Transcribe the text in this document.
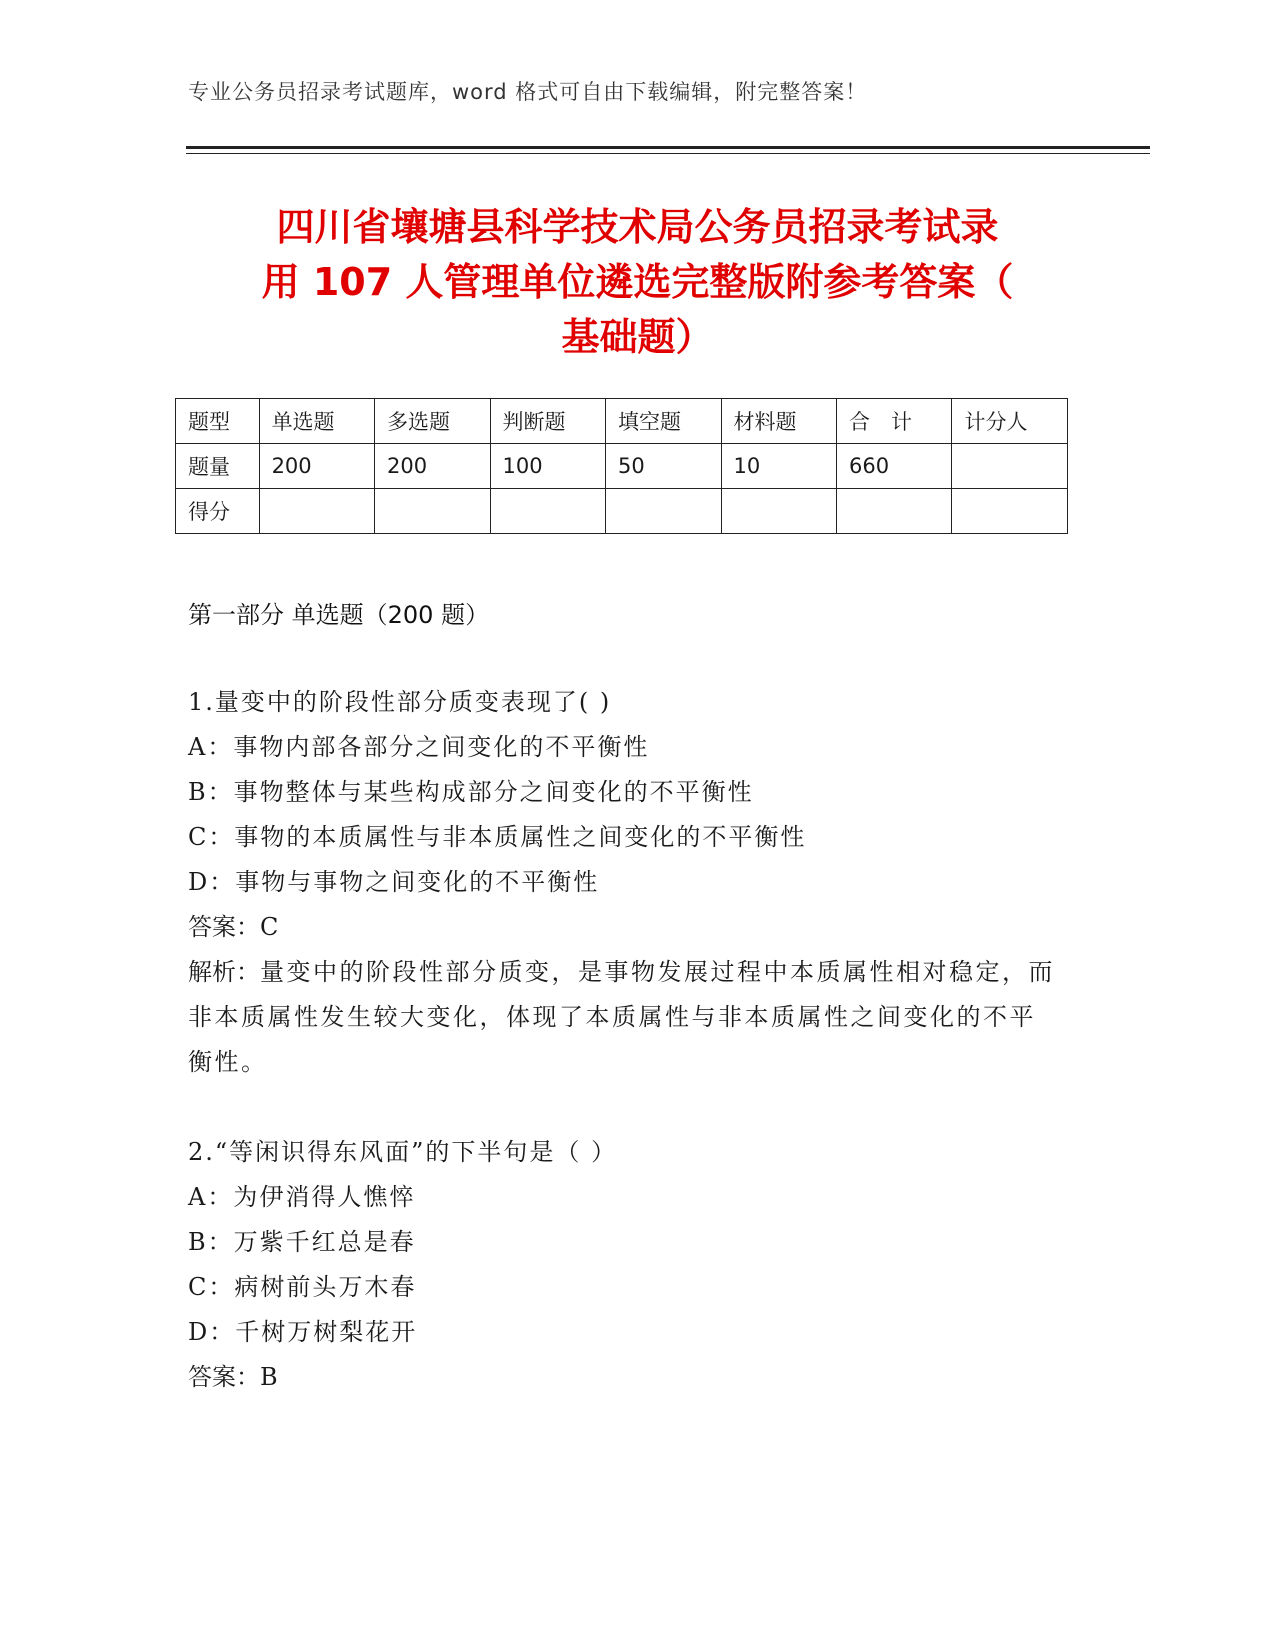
专业公务员招录考试题库，word 格式可自由下载编辑，附完整答案！
四川省壤塘县科学技术局公务员招录考试录
用 107 人管理单位遴选完整版附参考答案（
基础题）
题型	单选题	多选题	判断题	填空题	材料题	合　计	计分人
题量	200	200	100	50	10	660	
得分							
第一部分 单选题（200 题）
1.量变中的阶段性部分质变表现了( )
A：事物内部各部分之间变化的不平衡性
B：事物整体与某些构成部分之间变化的不平衡性
C：事物的本质属性与非本质属性之间变化的不平衡性
D：事物与事物之间变化的不平衡性
答案：C
解析：量变中的阶段性部分质变，是事物发展过程中本质属性相对稳定，而非本质属性发生较大变化，体现了本质属性与非本质属性之间变化的不平衡性。
2.“等闲识得东风面”的下半句是（ ）
A：为伊消得人憔悴
B：万紫千红总是春
C：病树前头万木春
D：千树万树梨花开
答案：B
